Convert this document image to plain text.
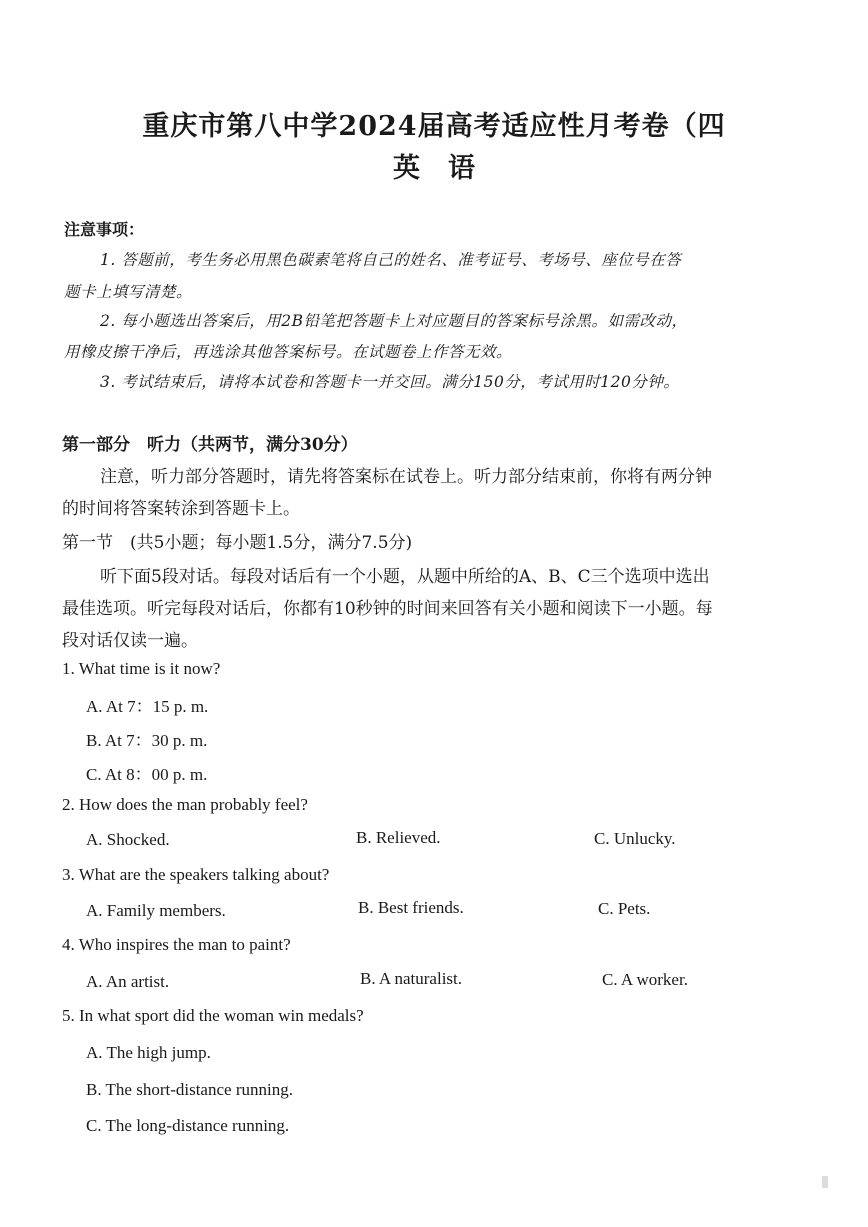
重庆市第八中学2024届高考适应性月考卷（四
英语
注意事项：
1. 答题前，考生务必用黑色碳素笔将自己的姓名、准考证号、考场号、座位号在答
题卡上填写清楚。
2. 每小题选出答案后，用2B铅笔把答题卡上对应题目的答案标号涂黑。如需改动，
用橡皮擦干净后，再选涂其他答案标号。在试题卷上作答无效。
3. 考试结束后，请将本试卷和答题卡一并交回。满分150分，考试用时120分钟。
第一部分　听力（共两节，满分30分）
注意，听力部分答题时，请先将答案标在试卷上。听力部分结束前，你将有两分钟
的时间将答案转涂到答题卡上。
第一节　(共5小题；每小题1.5分，满分7.5分)
听下面5段对话。每段对话后有一个小题，从题中所给的A、B、C三个选项中选出
最佳选项。听完每段对话后，你都有10秒钟的时间来回答有关小题和阅读下一小题。每
段对话仅读一遍。
1. What time is it now?
A. At 7：15 p. m.
B. At 7：30 p. m.
C. At 8：00 p. m.
2. How does the man probably feel?
A. Shocked.	B. Relieved.	C. Unlucky.
3. What are the speakers talking about?
A. Family members.	B. Best friends.	C. Pets.
4. Who inspires the man to paint?
A. An artist.	B. A naturalist.	C. A worker.
5. In what sport did the woman win medals?
A. The high jump.
B. The short-distance running.
C. The long-distance running.
